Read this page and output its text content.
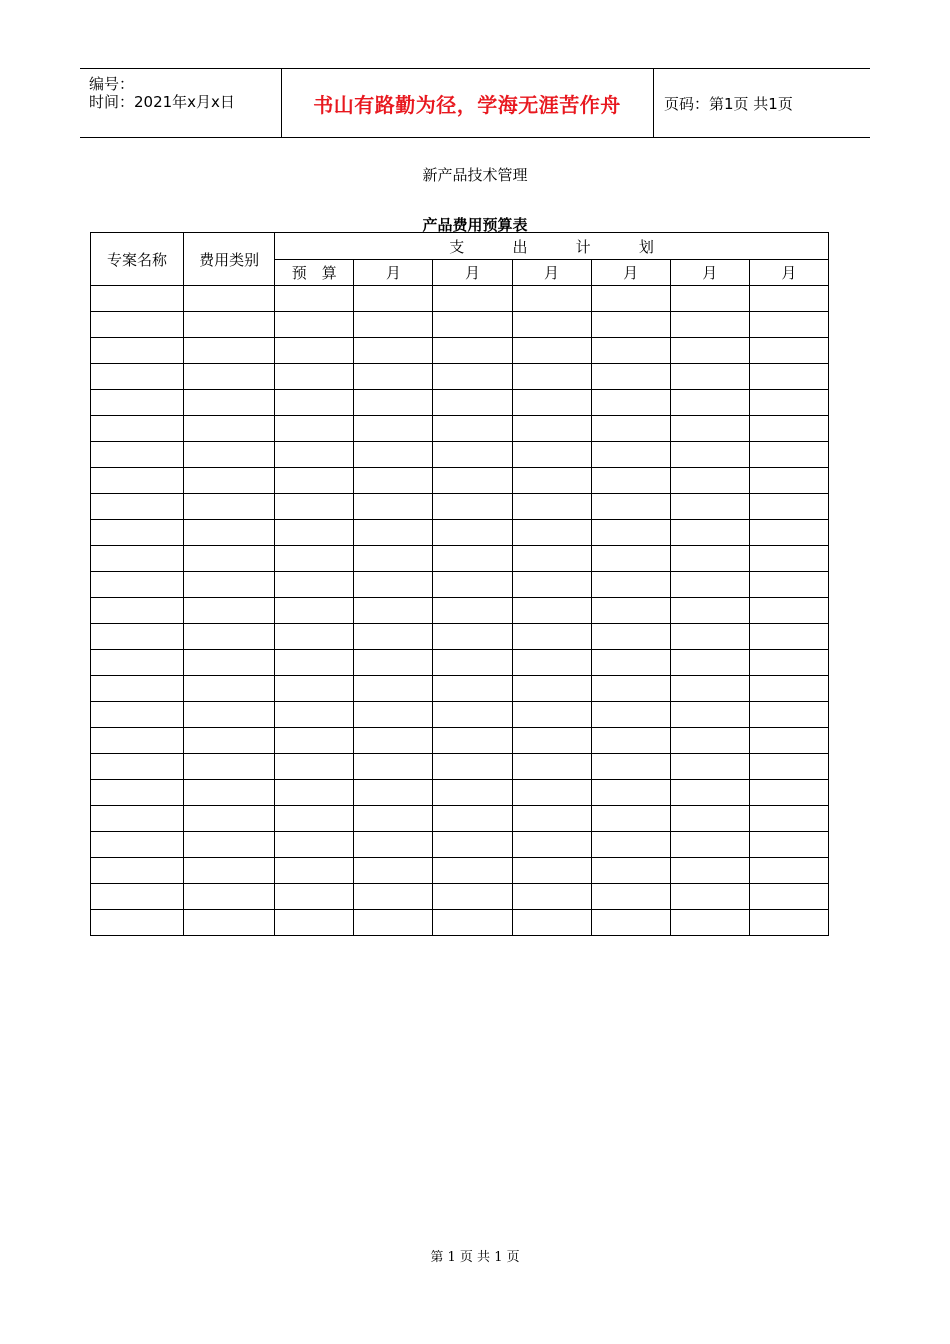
编号：
时间：2021年x月x日	书山有路勤为径，学海无涯苦作舟	页码：第1页 共1页
新产品技术管理
产品费用预算表
专案名称	费用类别	支 出 计 划						

		预　算	月	月	月	月	月	月

第 1 页 共 1 页
